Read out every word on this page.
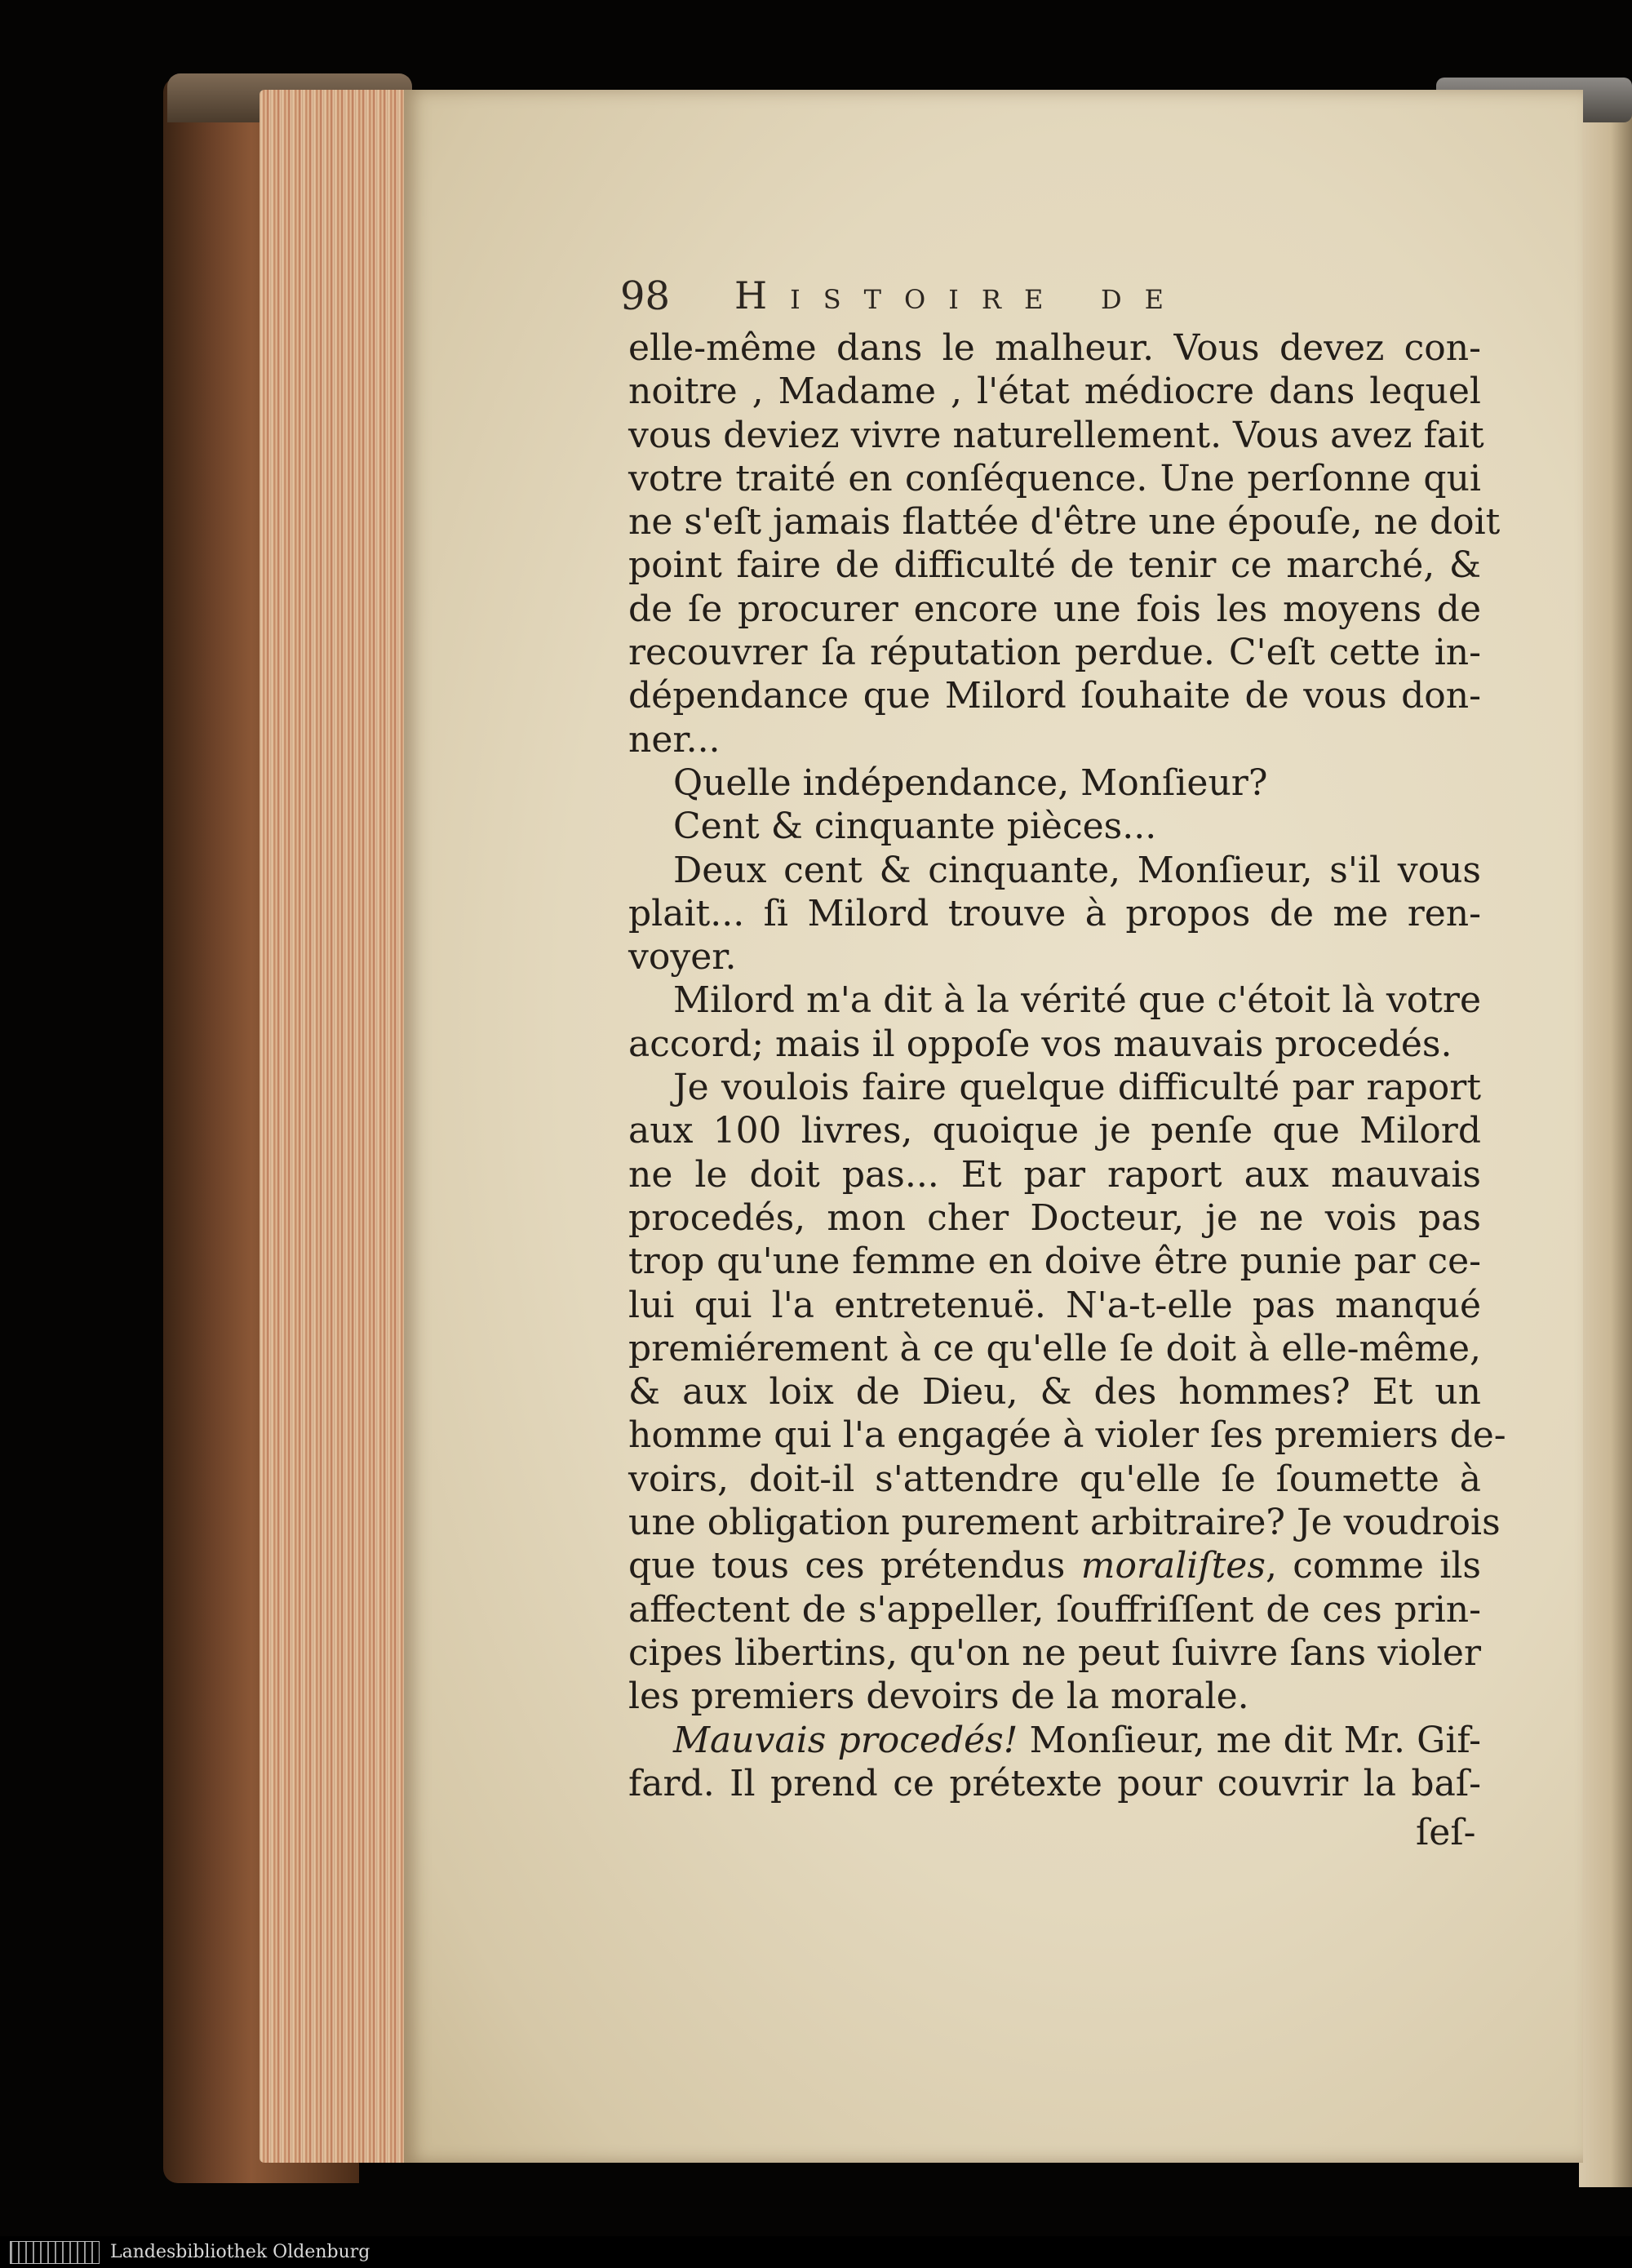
98 Histoire de
elle-même dans le malheur. Vous devez con-
noitre , Madame , l'état médiocre dans lequel
vous deviez vivre naturellement. Vous avez fait
votre traité en conſéquence. Une perſonne qui
ne s'eſt jamais flattée d'être une épouſe, ne doit
point faire de difficulté de tenir ce marché, &
de ſe procurer encore une fois les moyens de
recouvrer ſa réputation perdue. C'eſt cette in-
dépendance que Milord ſouhaite de vous don-
ner...
Quelle indépendance, Monſieur?
Cent & cinquante pièces...
Deux cent & cinquante, Monſieur, s'il vous
plait... ſi Milord trouve à propos de me ren-
voyer.
Milord m'a dit à la vérité que c'étoit là votre
accord; mais il oppoſe vos mauvais procedés.
Je voulois faire quelque difficulté par raport
aux 100 livres, quoique je penſe que Milord
ne le doit pas... Et par raport aux mauvais
procedés, mon cher Docteur, je ne vois pas
trop qu'une femme en doive être punie par ce-
lui qui l'a entretenuë. N'a-t-elle pas manqué
premiérement à ce qu'elle ſe doit à elle-même,
& aux loix de Dieu, & des hommes? Et un
homme qui l'a engagée à violer ſes premiers de-
voirs, doit-il s'attendre qu'elle ſe ſoumette à
une obligation purement arbitraire? Je voudrois
que tous ces prétendus moraliſtes, comme ils
affectent de s'appeller, ſouffriſſent de ces prin-
cipes libertins, qu'on ne peut ſuivre ſans violer
les premiers devoirs de la morale.
Mauvais procedés! Monſieur, me dit Mr. Gif-
fard. Il prend ce prétexte pour couvrir la baſ-
ſeſ-
Landesbibliothek Oldenburg
